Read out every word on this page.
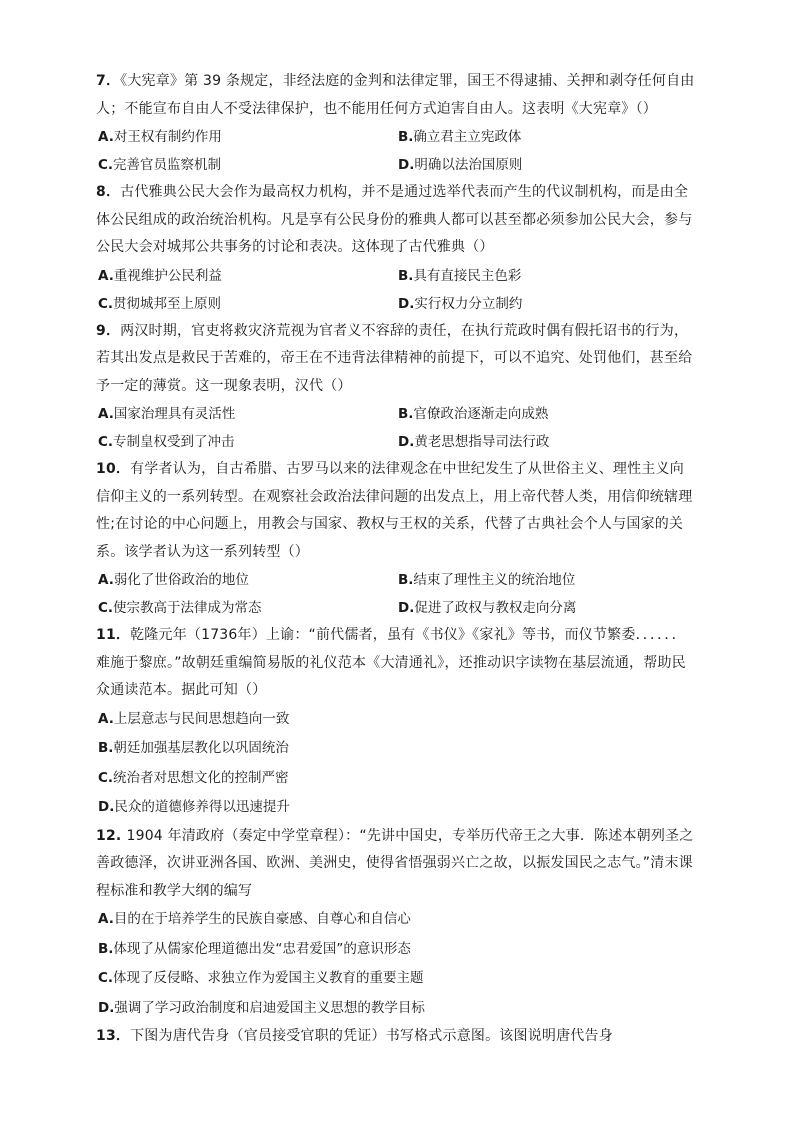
7．《大宪章》第 39 条规定，非经法庭的金判和法律定罪，国王不得逮捕、关押和剥夺任何自由人；不能宣布自由人不受法律保护，也不能用任何方式迫害自由人。这表明《大宪章》（）

A.对王权有制约作用	B.确立君主立宪政体
C.完善官员监察机制	D.明确以法治国原则

8．古代雅典公民大会作为最高权力机构，并不是通过选举代表而产生的代议制机构，而是由全体公民组成的政治统治机构。凡是享有公民身份的雅典人都可以甚至都必须参加公民大会，参与公民大会对城邦公共事务的讨论和表决。这体现了古代雅典（）

A.重视维护公民利益	B.具有直接民主色彩
C.贯彻城邦至上原则	D.实行权力分立制约

9．两汉时期，官吏将救灾济荒视为官者义不容辞的责任，在执行荒政时偶有假托诏书的行为，若其出发点是救民于苦难的，帝王在不违背法律精神的前提下，可以不追究、处罚他们，甚至给予一定的薄赏。这一现象表明，汉代（）

A.国家治理具有灵活性	B.官僚政治逐渐走向成熟
C.专制皇权受到了冲击	D.黄老思想指导司法行政

10．有学者认为，自古希腊、古罗马以来的法律观念在中世纪发生了从世俗主义、理性主义向信仰主义的一系列转型。在观察社会政治法律问题的出发点上，用上帝代替人类，用信仰统辖理性;在讨论的中心问题上，用教会与国家、教权与王权的关系，代替了古典社会个人与国家的关系。该学者认为这一系列转型（）

A.弱化了世俗政治的地位	B.结束了理性主义的统治地位
C.使宗教高于法律成为常态	D.促进了政权与教权走向分离

11．乾隆元年（1736年）上谕：“前代儒者，虽有《书仪》《家礼》等书，而仪节繁委．．．．．．难施于黎庶。”故朝廷重编简易版的礼仪范本《大清通礼》，还推动识字读物在基层流通，帮助民众通读范本。据此可知（）

A.上层意志与民间思想趋向一致
B.朝廷加强基层教化以巩固统治
C.统治者对思想文化的控制严密
D.民众的道德修养得以迅速提升

12. 1904 年清政府（奏定中学堂章程）：“先讲中国史，专举历代帝王之大事．陈述本朝列圣之善政德泽，次讲亚洲各国、欧洲、美洲史，使得省悟强弱兴亡之故，以振发国民之志气。”清末课程标准和教学大纲的编写

A.目的在于培养学生的民族自豪感、自尊心和自信心
B.体现了从儒家伦理道德出发“忠君爱国”的意识形态
C.体现了反侵略、求独立作为爱国主义教育的重要主题
D.强调了学习政治制度和启迪爱国主义思想的教学目标

13．下图为唐代告身（官员接受官职的凭证）书写格式示意图。该图说明唐代告身
